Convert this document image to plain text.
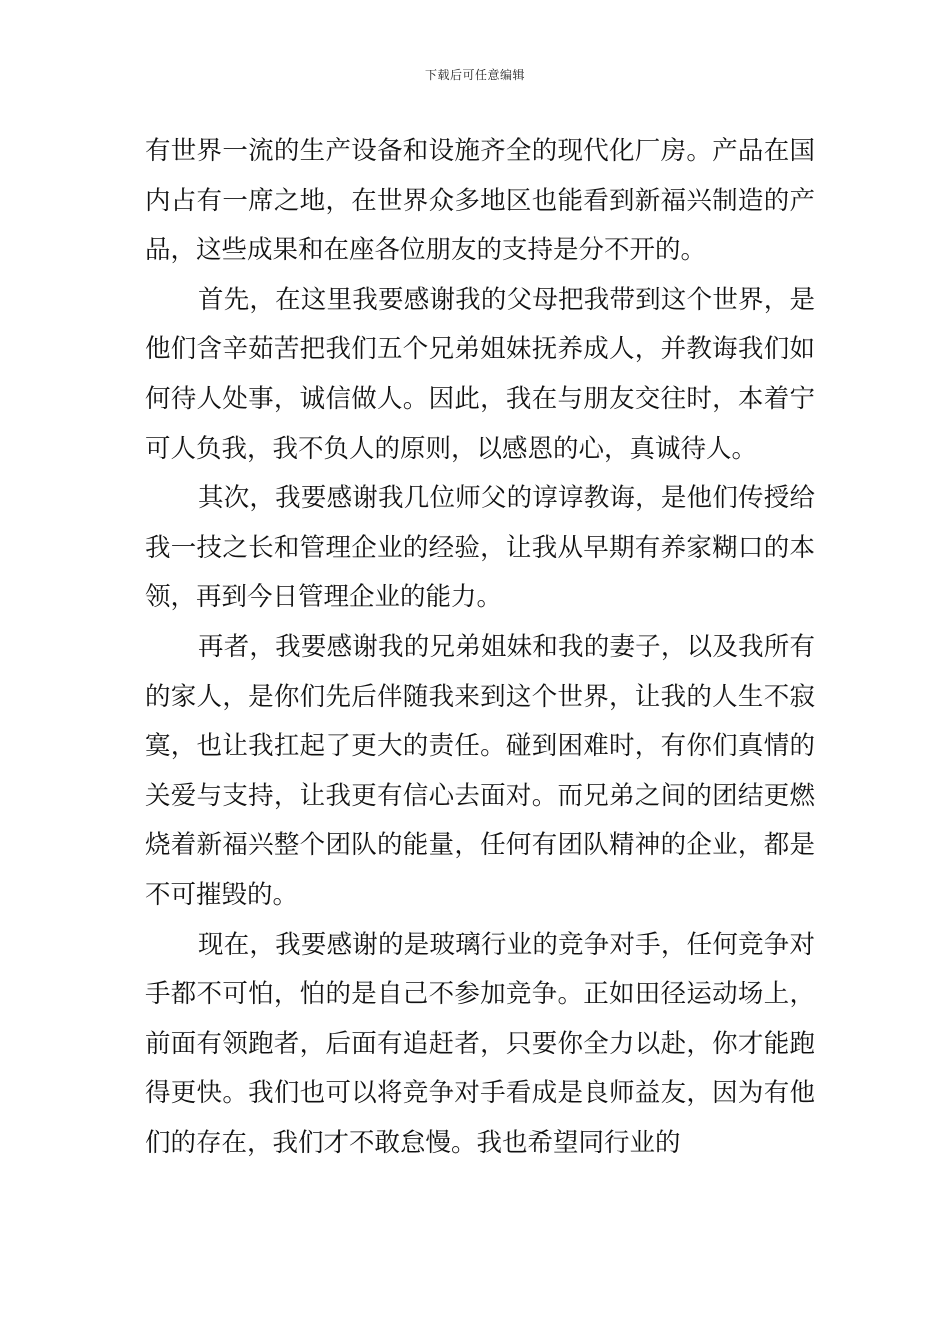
下载后可任意编辑

有世界一流的生产设备和设施齐全的现代化厂房。产品在国内占有一席之地，在世界众多地区也能看到新福兴制造的产品，这些成果和在座各位朋友的支持是分不开的。

首先，在这里我要感谢我的父母把我带到这个世界，是他们含辛茹苦把我们五个兄弟姐妹抚养成人，并教诲我们如何待人处事，诚信做人。因此，我在与朋友交往时，本着宁可人负我，我不负人的原则，以感恩的心，真诚待人。

其次，我要感谢我几位师父的谆谆教诲，是他们传授给我一技之长和管理企业的经验，让我从早期有养家糊口的本领，再到今日管理企业的能力。

再者，我要感谢我的兄弟姐妹和我的妻子，以及我所有的家人，是你们先后伴随我来到这个世界，让我的人生不寂寞，也让我扛起了更大的责任。碰到困难时，有你们真情的关爱与支持，让我更有信心去面对。而兄弟之间的团结更燃烧着新福兴整个团队的能量，任何有团队精神的企业，都是不可摧毁的。

现在，我要感谢的是玻璃行业的竞争对手，任何竞争对手都不可怕，怕的是自己不参加竞争。正如田径运动场上，前面有领跑者，后面有追赶者，只要你全力以赴，你才能跑得更快。我们也可以将竞争对手看成是良师益友，因为有他们的存在，我们才不敢怠慢。我也希望同行业的
